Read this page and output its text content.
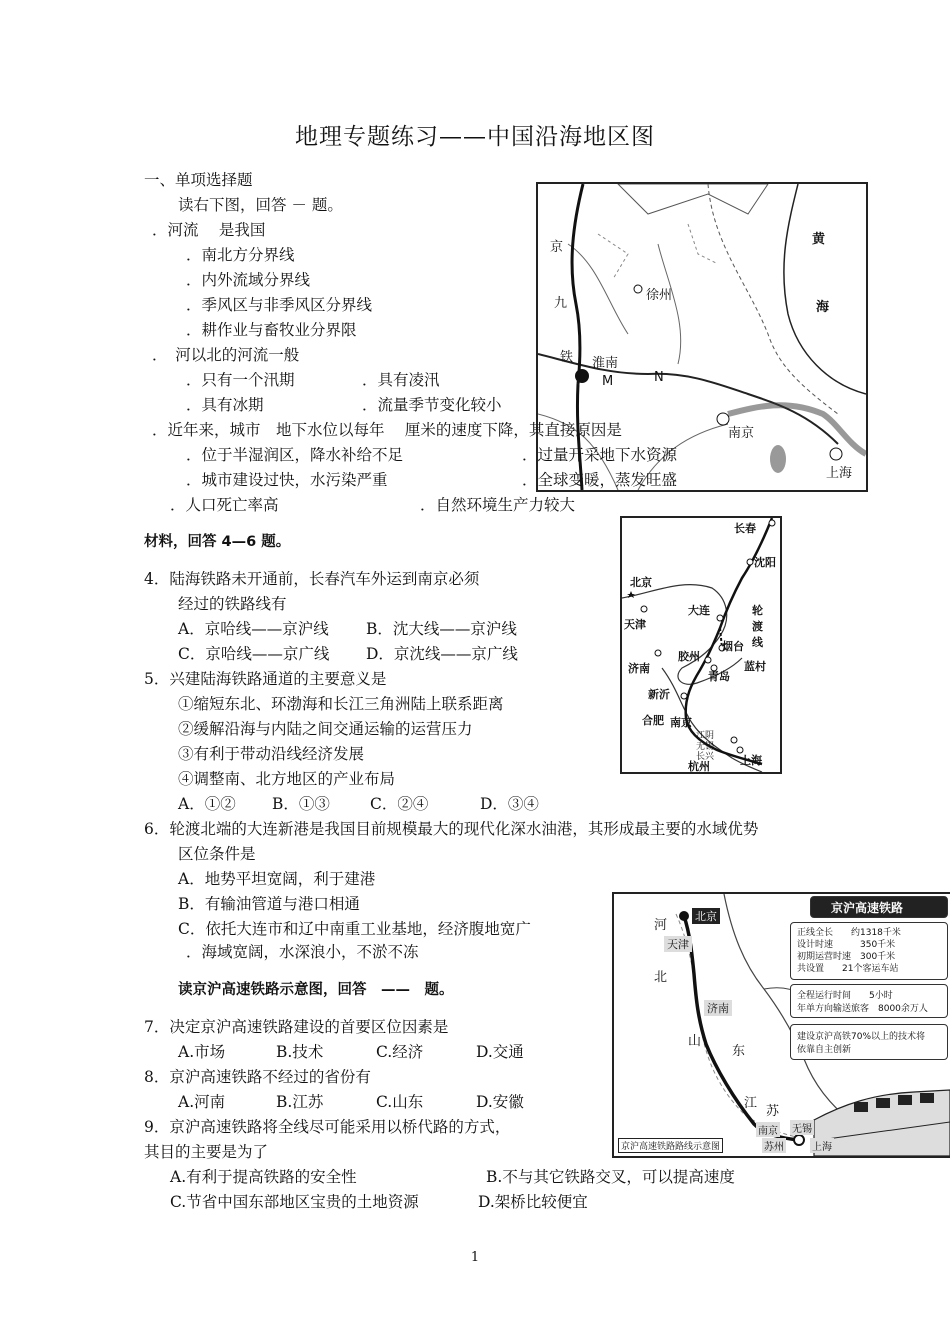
地理专题练习——中国沿海地区图
一、单项选择题
读右下图，回答 － 题。
．河流　 是我国
．南北方分界线
．内外流域分界线
．季风区与非季风区分界线
．耕作业与畜牧业分界限
．　河以北的河流一般
．只有一个汛期	．具有凌汛
．具有冰期	．流量季节变化较小
黄
海
京
九
铁
徐州
淮南
M	N
南京
上海
．近年来，城市　地下水位以每年　 厘米的速度下降，其直接原因是
．位于半湿润区，降水补给不足	．过量开采地下水资源
．城市建设过快，水污染严重	．全球变暖，蒸发旺盛
．人口死亡率高	．自然环境生产力较大
材料，回答 4—6 题。
长春
沈阳
北京
天津
大连	轮
渡
线
烟台
胶州
济南
青岛
蓝村
新沂
合肥 南京
江阴
无锡
长兴 上海
杭州
4．陆海铁路未开通前，长春汽车外运到南京必须
经过的铁路线有
A．京哈线——京沪线 B．沈大线——京沪线
C．京哈线——京广线 D．京沈线——京广线
5．兴建陆海铁路通道的主要意义是
①缩短东北、环渤海和长江三角洲陆上联系距离
②缓解沿海与内陆之间交通运输的运营压力
③有利于带动沿线经济发展
④调整南、北方地区的产业布局
A．①② B．①③	C．②④	D．③④
6．轮渡北端的大连新港是我国目前规模最大的现代化深水油港，其形成最主要的水域优势
区位条件是
A．地势平坦宽阔，利于建港
B．有输油管道与港口相通
C．依托大连市和辽中南重工业基地，经济腹地宽广
．海域宽阔，水深浪小，不淤不冻
京沪高速铁路
正线全长　　约1318千米
设计时速　　　350千米
初期运营时速　300千米
共设置　　21个客运车站
全程运行时间　　5小时
年单方向输送旅客　8000余万人
建设京沪高铁70%以上的技术将
依靠自主创新
河
北
北京
天津
济南
山
东
江
苏
南京 无锡
苏州	上海
京沪高速铁路路线示意图
读京沪高速铁路示意图，回答　——　题。
7．决定京沪高速铁路建设的首要区位因素是
A.市场	B.技术	C.经济	D.交通
8．京沪高速铁路不经过的省份有
A.河南	B.江苏	C.山东	D.安徽
9．京沪高速铁路将全线尽可能采用以桥代路的方式，
其目的主要是为了
A.有利于提高铁路的安全性	B.不与其它铁路交叉，可以提高速度
C.节省中国东部地区宝贵的土地资源	D.架桥比较便宜
1
